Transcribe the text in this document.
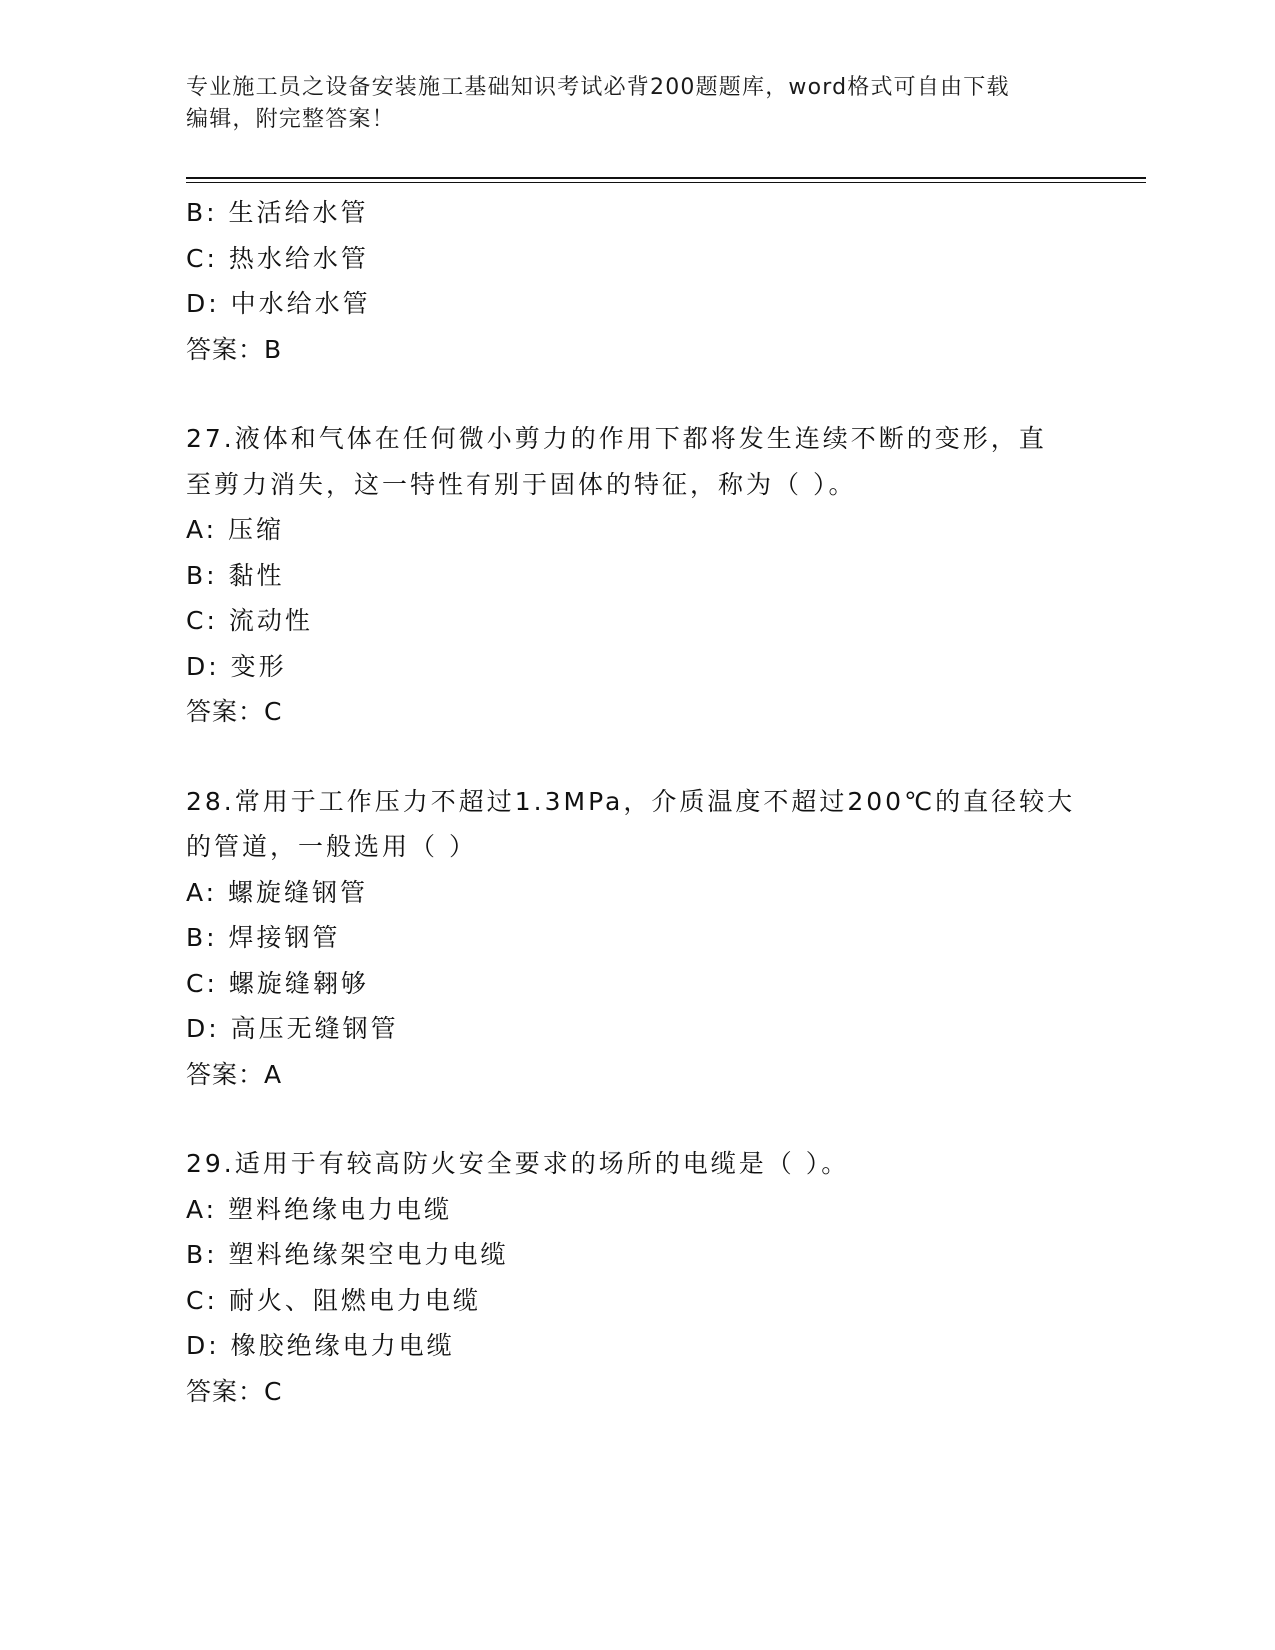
专业施工员之设备安装施工基础知识考试必背200题题库，word格式可自由下载
编辑，附完整答案！
B: 生活给水管
C: 热水给水管
D: 中水给水管
答案：B
27.液体和气体在任何微小剪力的作用下都将发生连续不断的变形，直
至剪力消失，这一特性有别于固体的特征，称为（ ）。
A: 压缩
B: 黏性
C: 流动性
D: 变形
答案：C
28.常用于工作压力不超过1.3MPa，介质温度不超过200℃的直径较大
的管道，一般选用（ ）
A: 螺旋缝钢管
B: 焊接钢管
C: 螺旋缝翱够
D: 高压无缝钢管
答案：A
29.适用于有较高防火安全要求的场所的电缆是（ ）。
A: 塑料绝缘电力电缆
B: 塑料绝缘架空电力电缆
C: 耐火、阻燃电力电缆
D: 橡胶绝缘电力电缆
答案：C
